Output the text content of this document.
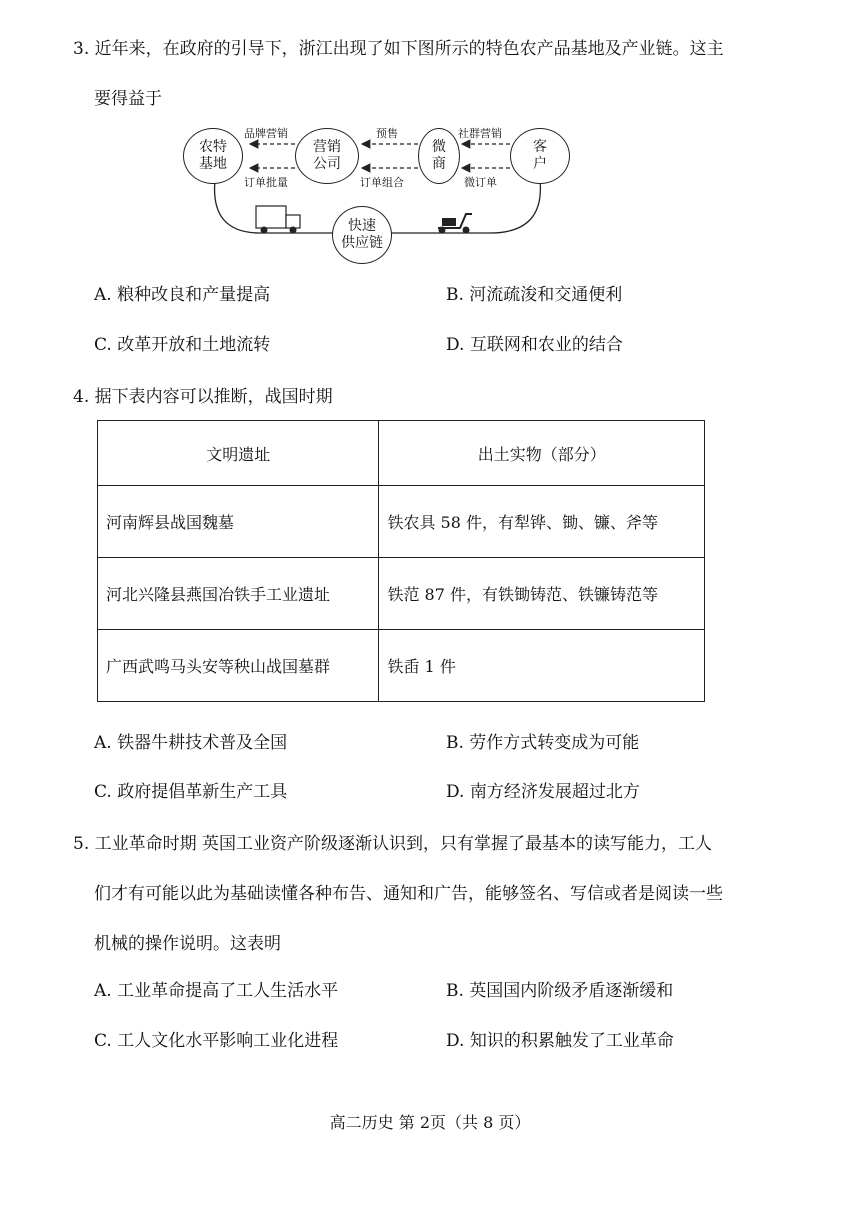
3. 近年来，在政府的引导下，浙江出现了如下图所示的特色农产品基地及产业链。这主
要得益于
农特
基地
营销
公司
微
商
客
户
快速
供应链
品牌营销	预售	社群营销
订单批量	订单组合	微订单
A. 粮种改良和产量提高	B. 河流疏浚和交通便利
C. 改革开放和土地流转	D. 互联网和农业的结合
4. 据下表内容可以推断，战国时期
文明遗址	出土实物（部分）
河南辉县战国魏墓	铁农具 58 件，有犁铧、锄、镰、斧等
河北兴隆县燕国冶铁手工业遗址	铁范 87 件，有铁锄铸范、铁镰铸范等
广西武鸣马头安等秧山战国墓群	铁臿 1 件
A. 铁器牛耕技术普及全国	B. 劳作方式转变成为可能
C. 政府提倡革新生产工具	D. 南方经济发展超过北方
5. 工业革命时期 英国工业资产阶级逐渐认识到，只有掌握了最基本的读写能力，工人
们才有可能以此为基础读懂各种布告、通知和广告，能够签名、写信或者是阅读一些
机械的操作说明。这表明
A. 工业革命提高了工人生活水平	B. 英国国内阶级矛盾逐渐缓和
C. 工人文化水平影响工业化进程	D. 知识的积累触发了工业革命
高二历史 第 2页（共 8 页）
